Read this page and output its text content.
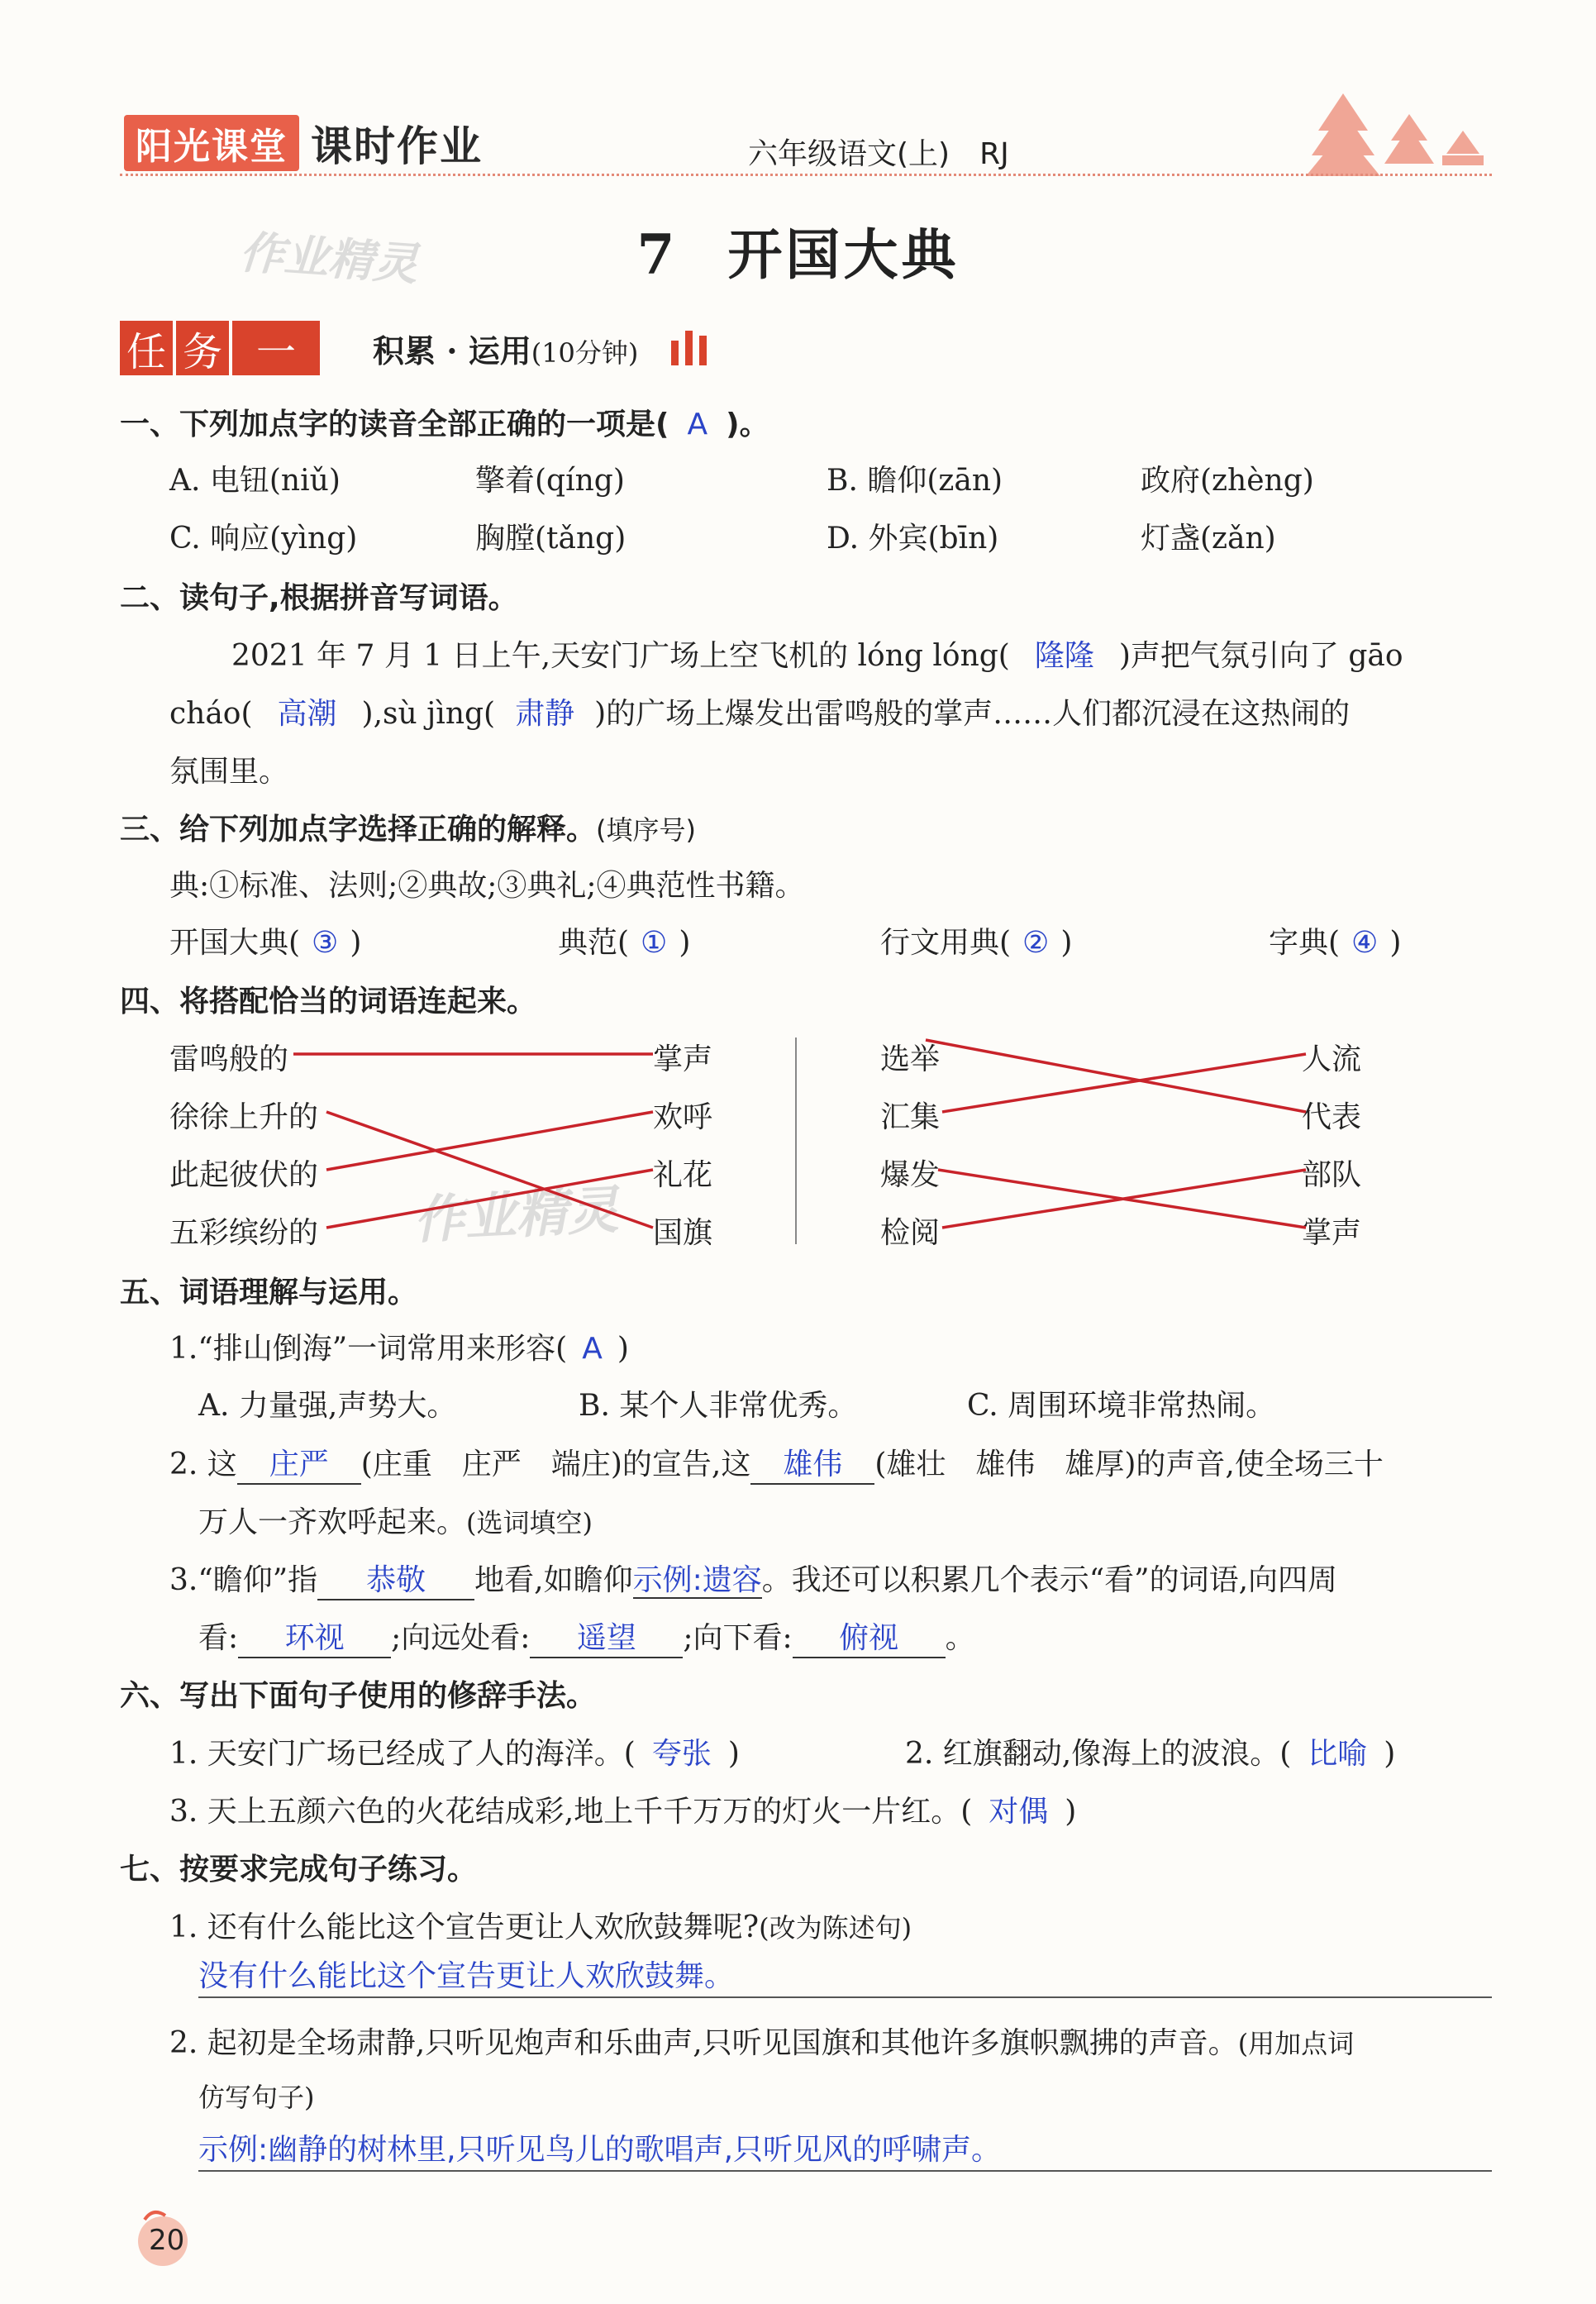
阳光课堂 课时作业	六年级语文(上)　RJ
7 开国大典
作业精灵
任 务 一	积累 · 运用(10分钟)
一、下列加点字的读音全部正确的一项是( A )。
A. 电钮(niǔ)	擎着(qíng)	B. 瞻仰(zān)	政府(zhèng)
C. 响应(yìng)	胸膛(tǎng)	D. 外宾(bīn)	灯盏(zǎn)
二、读句子,根据拼音写词语。
2021 年 7 月 1 日上午,天安门广场上空飞机的 lóng lóng( 隆隆 )声把气氛引向了 gāo
cháo( 高潮 ),sù jìng( 肃静 )的广场上爆发出雷鸣般的掌声……人们都沉浸在这热闹的
氛围里。
三、给下列加点字选择正确的解释。(填序号)
典:①标准、法则;②典故;③典礼;④典范性书籍。
开国大典( ③ )	典范( ① )	行文用典( ② )	字典( ④ )
四、将搭配恰当的词语连起来。
雷鸣般的
徐徐上升的
此起彼伏的
五彩缤纷的
掌声
欢呼
礼花
国旗
选举
汇集
爆发
检阅
人流
代表
部队
掌声
作业精灵
五、词语理解与运用。
1.“排山倒海”一词常用来形容( A )
A. 力量强,声势大。	B. 某个人非常优秀。	C. 周围环境非常热闹。
2. 这 庄严 (庄重　庄严　端庄)的宣告,这 雄伟 (雄壮　雄伟　雄厚)的声音,使全场三十
万人一齐欢呼起来。(选词填空)
3.“瞻仰”指 恭敬 地看,如瞻仰示例:遗容。我还可以积累几个表示“看”的词语,向四周
看: 环视 ;向远处看: 遥望 ;向下看: 俯视 。
六、写出下面句子使用的修辞手法。
1. 天安门广场已经成了人的海洋。( 夸张 )	2. 红旗翻动,像海上的波浪。( 比喻 )
3. 天上五颜六色的火花结成彩,地上千千万万的灯火一片红。( 对偶 )
七、按要求完成句子练习。
1. 还有什么能比这个宣告更让人欢欣鼓舞呢?(改为陈述句)
没有什么能比这个宣告更让人欢欣鼓舞。
2. 起初是全场肃静,只听见炮声和乐曲声,只听见国旗和其他许多旗帜飘拂的声音。(用加点词
仿写句子)
示例:幽静的树林里,只听见鸟儿的歌唱声,只听见风的呼啸声。
20
